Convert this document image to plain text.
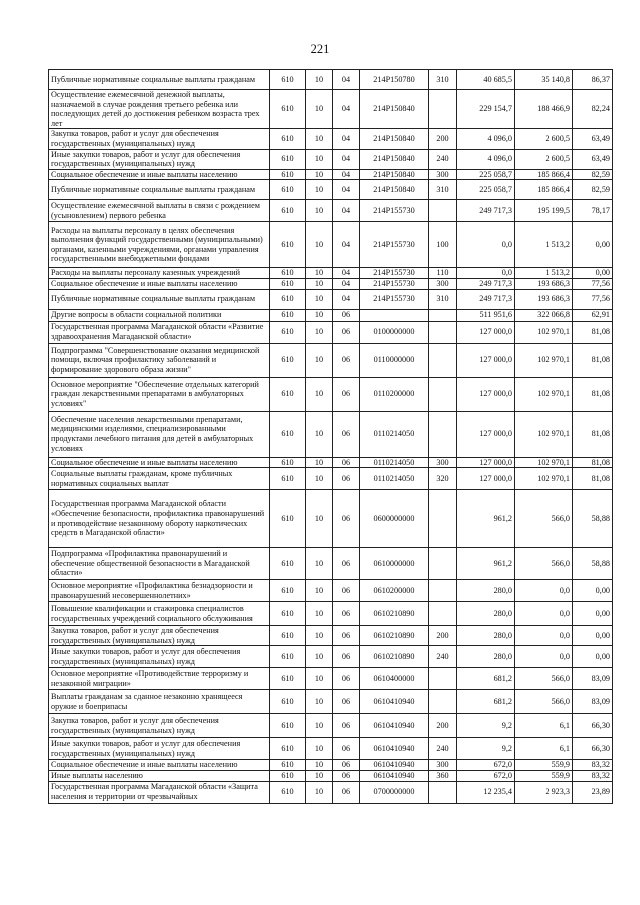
221
Публичные нормативные социальные выплаты гражданам	610	10	04	214P150780	310	40 685,5	35 140,8	86,37
Осуществление ежемесячной денежной выплаты, назначаемой в случае рождения третьего ребенка или последующих детей до достижения ребенком возраста трех лет	610	10	04	214P150840		229 154,7	188 466,9	82,24
Закупка товаров, работ и услуг для обеспечения государственных (муниципальных) нужд	610	10	04	214P150840	200	4 096,0	2 600,5	63,49
Иные закупки товаров, работ и услуг для обеспечения государственных (муниципальных) нужд	610	10	04	214P150840	240	4 096,0	2 600,5	63,49
Социальное обеспечение и иные выплаты населению	610	10	04	214P150840	300	225 058,7	185 866,4	82,59
Публичные нормативные социальные выплаты гражданам	610	10	04	214P150840	310	225 058,7	185 866,4	82,59
Осуществление ежемесячной выплаты в связи с рождением (усыновлением) первого ребенка	610	10	04	214P155730		249 717,3	195 199,5	78,17
Расходы на выплаты персоналу в целях обеспечения выполнения функций государственными (муниципальными) органами, казенными учреждениями, органами управления государственными внебюджетными фондами	610	10	04	214P155730	100	0,0	1 513,2	0,00
Расходы на выплаты персоналу казенных учреждений	610	10	04	214P155730	110	0,0	1 513,2	0,00
Социальное обеспечение и иные выплаты населению	610	10	04	214P155730	300	249 717,3	193 686,3	77,56
Публичные нормативные социальные выплаты гражданам	610	10	04	214P155730	310	249 717,3	193 686,3	77,56
Другие вопросы в области социальной политики	610	10	06			511 951,6	322 066,8	62,91
Государственная программа Магаданской области «Развитие здравоохранения Магаданской области»	610	10	06	0100000000		127 000,0	102 970,1	81,08
Подпрограмма "Совершенствование оказания медицинской помощи, включая профилактику заболеваний и формирование здорового образа жизни"	610	10	06	0110000000		127 000,0	102 970,1	81,08
Основное мероприятие "Обеспечение отдельных категорий граждан лекарственными препаратами в амбулаторных условиях"	610	10	06	0110200000		127 000,0	102 970,1	81,08
Обеспечение населения лекарственными препаратами, медицинскими изделиями, специализированными продуктами лечебного питания для детей в амбулаторных условиях	610	10	06	0110214050		127 000,0	102 970,1	81,08
Социальное обеспечение и иные выплаты населению	610	10	06	0110214050	300	127 000,0	102 970,1	81,08
Социальные выплаты гражданам, кроме публичных нормативных социальных выплат	610	10	06	0110214050	320	127 000,0	102 970,1	81,08
Государственная программа Магаданской области «Обеспечение безопасности, профилактика правонарушений и противодействие незаконному обороту наркотических средств в Магаданской области»	610	10	06	0600000000		961,2	566,0	58,88
Подпрограмма «Профилактика правонарушений и обеспечение общественной безопасности в Магаданской области»	610	10	06	0610000000		961,2	566,0	58,88
Основное мероприятие «Профилактика безнадзорности и правонарушений несовершеннолетних»	610	10	06	0610200000		280,0	0,0	0,00
Повышение квалификации и стажировка специалистов государственных учреждений социального обслуживания	610	10	06	0610210890		280,0	0,0	0,00
Закупка товаров, работ и услуг для обеспечения государственных (муниципальных) нужд	610	10	06	0610210890	200	280,0	0,0	0,00
Иные закупки товаров, работ и услуг для обеспечения государственных (муниципальных) нужд	610	10	06	0610210890	240	280,0	0,0	0,00
Основное мероприятие «Противодействие терроризму и незаконной миграции»	610	10	06	0610400000		681,2	566,0	83,09
Выплаты гражданам за сданное незаконно хранящееся оружие и боеприпасы	610	10	06	0610410940		681,2	566,0	83,09
Закупка товаров, работ и услуг для обеспечения государственных (муниципальных) нужд	610	10	06	0610410940	200	9,2	6,1	66,30
Иные закупки товаров, работ и услуг для обеспечения государственных (муниципальных) нужд	610	10	06	0610410940	240	9,2	6,1	66,30
Социальное обеспечение и иные выплаты населению	610	10	06	0610410940	300	672,0	559,9	83,32
Иные выплаты населению	610	10	06	0610410940	360	672,0	559,9	83,32
Государственная программа Магаданской области «Защита населения и территории от чрезвычайных	610	10	06	0700000000		12 235,4	2 923,3	23,89
